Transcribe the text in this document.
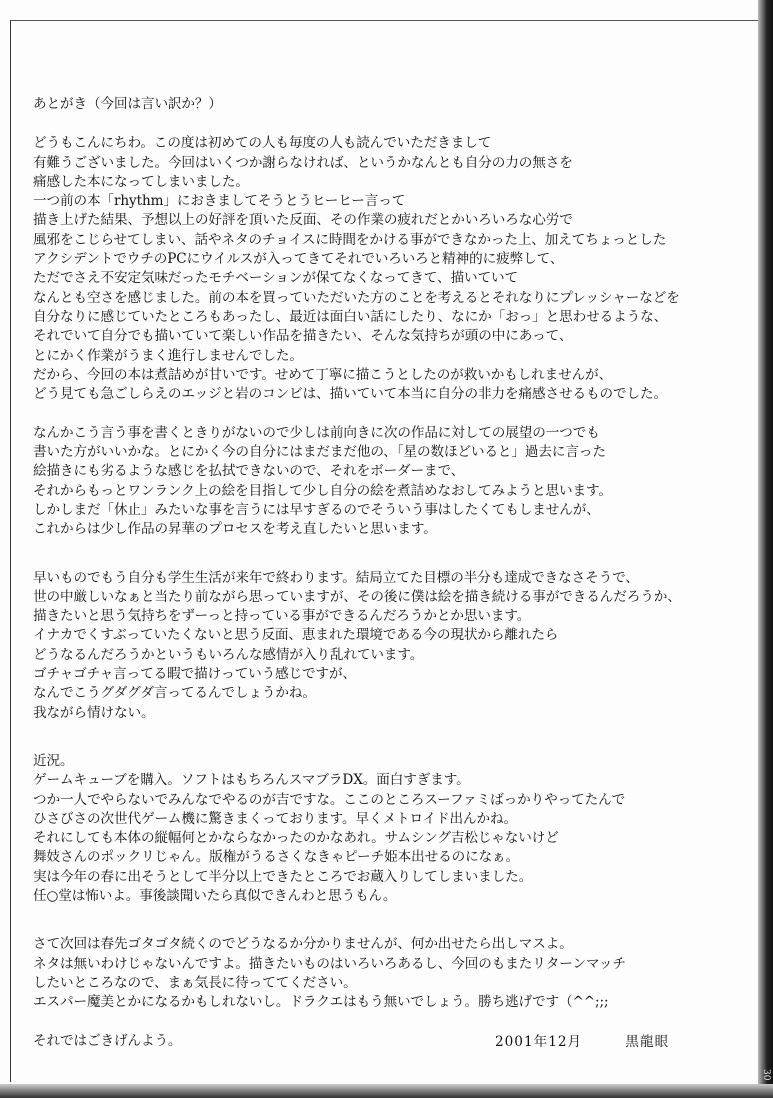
あとがき（今回は言い訳か？）
どうもこんにちわ。この度は初めての人も毎度の人も読んでいただきまして
有難うございました。今回はいくつか謝らなければ、というかなんとも自分の力の無さを
痛感した本になってしまいました。
一つ前の本「rhythm」におきましてそうとうヒーヒー言って
描き上げた結果、予想以上の好評を頂いた反面、その作業の疲れだとかいろいろな心労で
風邪をこじらせてしまい、話やネタのチョイスに時間をかける事ができなかった上、加えてちょっとした
アクシデントでウチのPCにウイルスが入ってきてそれでいろいろと精神的に疲弊して、
ただでさえ不安定気味だったモチベーションが保てなくなってきて、描いていて
なんとも空さを感じました。前の本を買っていただいた方のことを考えるとそれなりにプレッシャーなどを
自分なりに感じていたところもあったし、最近は面白い話にしたり、なにか「おっ」と思わせるような、
それでいて自分でも描いていて楽しい作品を描きたい、そんな気持ちが頭の中にあって、
とにかく作業がうまく進行しませんでした。
だから、今回の本は煮詰めが甘いです。せめて丁寧に描こうとしたのが救いかもしれませんが、
どう見ても急ごしらえのエッジと岩のコンビは、描いていて本当に自分の非力を痛感させるものでした。
なんかこう言う事を書くときりがないので少しは前向きに次の作品に対しての展望の一つでも
書いた方がいいかな。とにかく今の自分にはまだまだ他の、「星の数ほどいると」過去に言った
絵描きにも劣るような感じを払拭できないので、それをボーダーまで、
それからもっとワンランク上の絵を目指して少し自分の絵を煮詰めなおしてみようと思います。
しかしまだ「休止」みたいな事を言うには早すぎるのでそういう事はしたくてもしませんが、
これからは少し作品の昇華のプロセスを考え直したいと思います。
早いものでもう自分も学生生活が来年で終わります。結局立てた目標の半分も達成できなさそうで、
世の中厳しいなぁと当たり前ながら思っていますが、その後に僕は絵を描き続ける事ができるんだろうか、
描きたいと思う気持ちをずーっと持っている事ができるんだろうかとか思います。
イナカでくすぶっていたくないと思う反面、恵まれた環境である今の現状から離れたら
どうなるんだろうかというもいろんな感情が入り乱れています。
ゴチャゴチャ言ってる暇で描けっていう感じですが、
なんでこうグダグダ言ってるんでしょうかね。
我ながら情けない。
近況。
ゲームキューブを購入。ソフトはもちろんスマブラDX。面白すぎます。
つか一人でやらないでみんなでやるのが吉ですな。ここのところスーファミばっかりやってたんで
ひさびさの次世代ゲーム機に驚きまくっております。早くメトロイド出んかね。
それにしても本体の縦幅何とかならなかったのかなあれ。サムシング吉松じゃないけど
舞妓さんのポックリじゃん。版権がうるさくなきゃピーチ姫本出せるのになぁ。
実は今年の春に出そうとして半分以上できたところでお蔵入りしてしまいました。
任○堂は怖いよ。事後談聞いたら真似できんわと思うもん。
さて次回は春先ゴタゴタ続くのでどうなるか分かりませんが、何か出せたら出しマスよ。
ネタは無いわけじゃないんですよ。描きたいものはいろいろあるし、今回のもまたリターンマッチ
したいところなので、まぁ気長に待っててください。
エスパー魔美とかになるかもしれないし。ドラクエはもう無いでしょう。勝ち逃げです（^^;;;
それではごきげんよう。	2001年12月	黒龍眼
30
